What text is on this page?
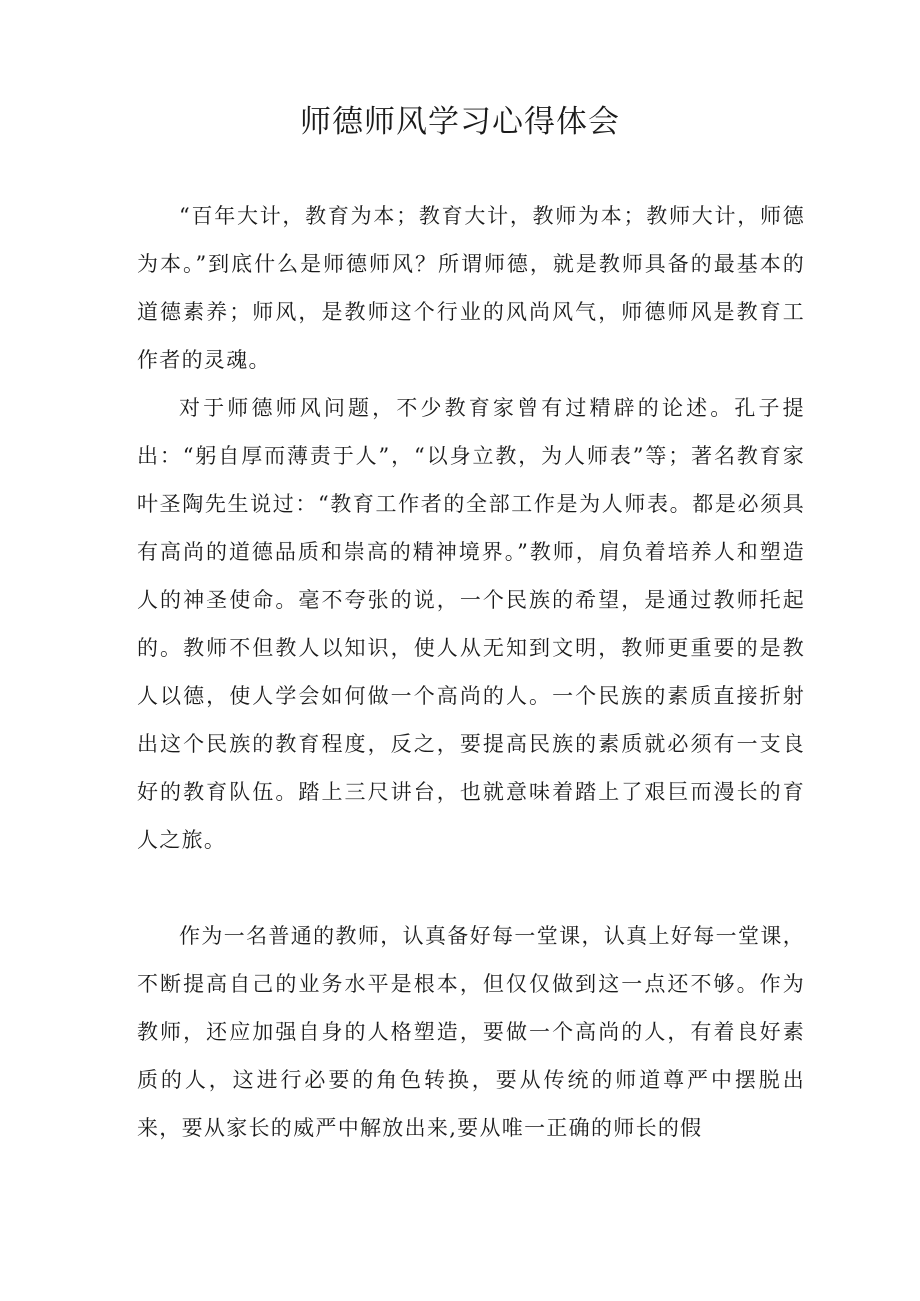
师德师风学习心得体会

“百年大计，教育为本；教育大计，教师为本；教师大计，师德为本。”到底什么是师德师风？所谓师德，就是教师具备的最基本的道德素养；师风，是教师这个行业的风尚风气，师德师风是教育工作者的灵魂。

对于师德师风问题，不少教育家曾有过精辟的论述。孔子提出：“躬自厚而薄责于人”，“以身立教，为人师表”等；著名教育家叶圣陶先生说过：“教育工作者的全部工作是为人师表。都是必须具有高尚的道德品质和崇高的精神境界。”教师，肩负着培养人和塑造人的神圣使命。毫不夸张的说，一个民族的希望，是通过教师托起的。教师不但教人以知识，使人从无知到文明，教师更重要的是教人以德，使人学会如何做一个高尚的人。一个民族的素质直接折射出这个民族的教育程度，反之，要提高民族的素质就必须有一支良好的教育队伍。踏上三尺讲台，也就意味着踏上了艰巨而漫长的育人之旅。

作为一名普通的教师，认真备好每一堂课，认真上好每一堂课，不断提高自己的业务水平是根本，但仅仅做到这一点还不够。作为教师，还应加强自身的人格塑造，要做一个高尚的人，有着良好素质的人，这进行必要的角色转换，要从传统的师道尊严中摆脱出来，要从家长的威严中解放出来,要从唯一正确的师长的假
